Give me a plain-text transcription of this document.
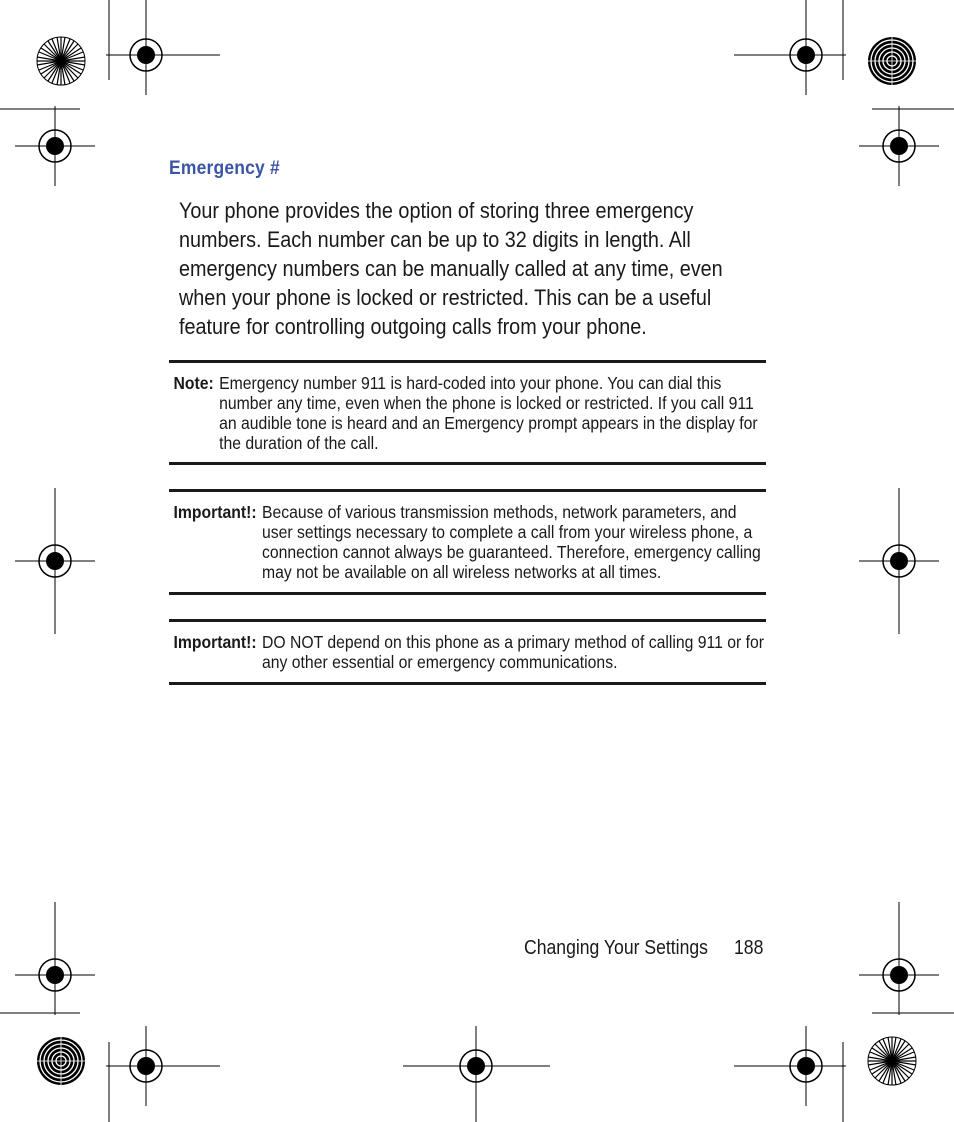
Emergency #
Your phone provides the option of storing three emergency numbers. Each number can be up to 32 digits in length. All emergency numbers can be manually called at any time, even when your phone is locked or restricted. This can be a useful feature for controlling outgoing calls from your phone.
Note: Emergency number 911 is hard-coded into your phone. You can dial this number any time, even when the phone is locked or restricted. If you call 911 an audible tone is heard and an Emergency prompt appears in the display for the duration of the call.
Important!: Because of various transmission methods, network parameters, and user settings necessary to complete a call from your wireless phone, a connection cannot always be guaranteed. Therefore, emergency calling may not be available on all wireless networks at all times.
Important!: DO NOT depend on this phone as a primary method of calling 911 or for any other essential or emergency communications.
Changing Your Settings 188
